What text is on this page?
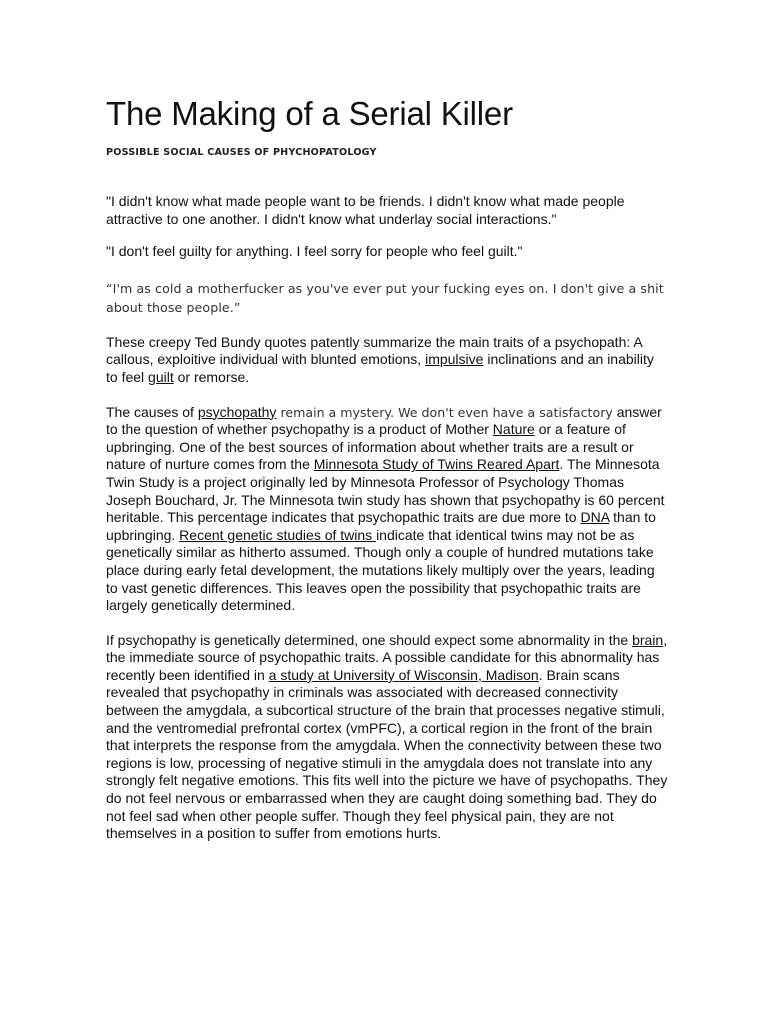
The Making of a Serial Killer
POSSIBLE SOCIAL CAUSES OF PHYCHOPATOLOGY

"I didn't know what made people want to be friends. I didn't know what made people attractive to one another. I didn't know what underlay social interactions."

"I don't feel guilty for anything. I feel sorry for people who feel guilt."

“I'm as cold a motherfucker as you've ever put your fucking eyes on. I don't give a shit about those people.”

These creepy Ted Bundy quotes patently summarize the main traits of a psychopath: A callous, exploitive individual with blunted emotions, impulsive inclinations and an inability to feel guilt or remorse.

The causes of psychopathy remain a mystery. We don't even have a satisfactory answer to the question of whether psychopathy is a product of Mother Nature or a feature of upbringing. One of the best sources of information about whether traits are a result or nature of nurture comes from the Minnesota Study of Twins Reared Apart. The Minnesota Twin Study is a project originally led by Minnesota Professor of Psychology Thomas Joseph Bouchard, Jr. The Minnesota twin study has shown that psychopathy is 60 percent heritable. This percentage indicates that psychopathic traits are due more to DNA than to upbringing. Recent genetic studies of twins indicate that identical twins may not be as genetically similar as hitherto assumed. Though only a couple of hundred mutations take place during early fetal development, the mutations likely multiply over the years, leading to vast genetic differences. This leaves open the possibility that psychopathic traits are largely genetically determined.

If psychopathy is genetically determined, one should expect some abnormality in the brain, the immediate source of psychopathic traits. A possible candidate for this abnormality has recently been identified in a study at University of Wisconsin, Madison. Brain scans revealed that psychopathy in criminals was associated with decreased connectivity between the amygdala, a subcortical structure of the brain that processes negative stimuli, and the ventromedial prefrontal cortex (vmPFC), a cortical region in the front of the brain that interprets the response from the amygdala. When the connectivity between these two regions is low, processing of negative stimuli in the amygdala does not translate into any strongly felt negative emotions. This fits well into the picture we have of psychopaths. They do not feel nervous or embarrassed when they are caught doing something bad. They do not feel sad when other people suffer. Though they feel physical pain, they are not themselves in a position to suffer from emotions hurts.
